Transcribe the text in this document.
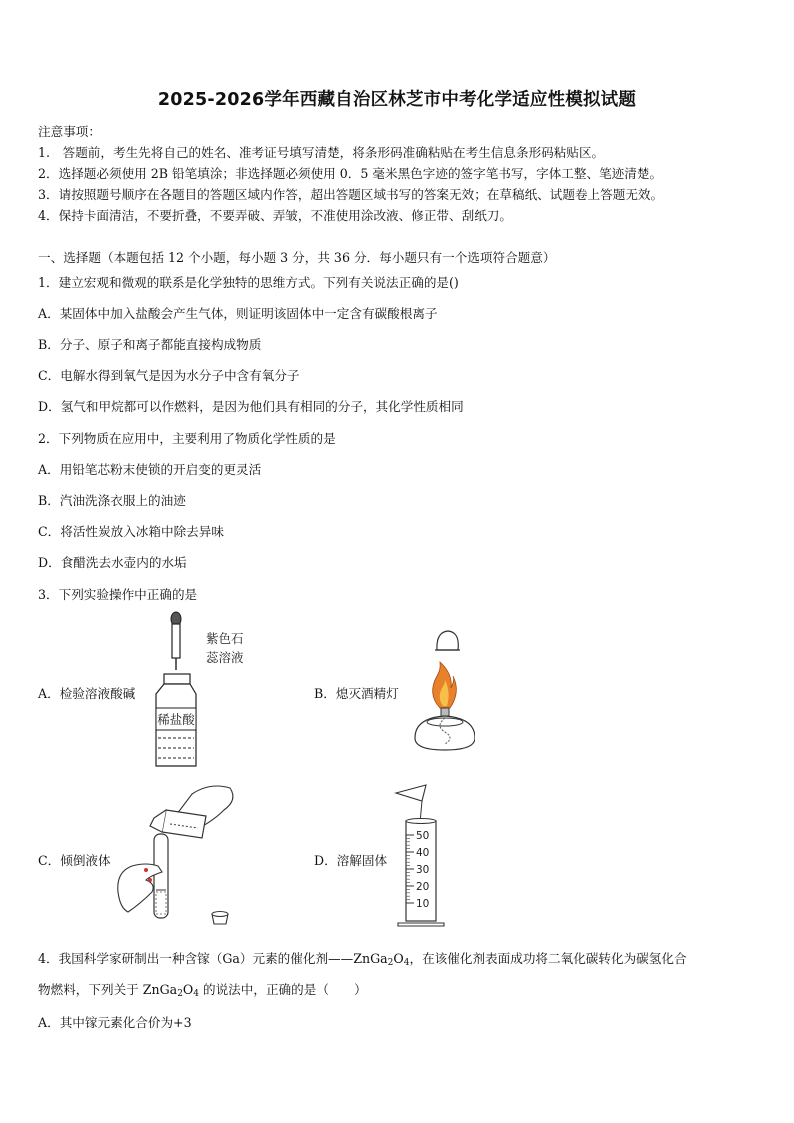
2025-2026学年西藏自治区林芝市中考化学适应性模拟试题
注意事项：
1.　答题前，考生先将自己的姓名、准考证号填写清楚，将条形码准确粘贴在考生信息条形码粘贴区。
2．选择题必须使用 2B 铅笔填涂；非选择题必须使用 0．5 毫米黑色字迹的签字笔书写，字体工整、笔迹清楚。
3．请按照题号顺序在各题目的答题区域内作答，超出答题区域书写的答案无效；在草稿纸、试题卷上答题无效。
4．保持卡面清洁，不要折叠，不要弄破、弄皱，不准使用涂改液、修正带、刮纸刀。
一、选择题（本题包括 12 个小题，每小题 3 分，共 36 分．每小题只有一个选项符合题意）
1．建立宏观和微观的联系是化学独特的思维方式。下列有关说法正确的是()
A．某固体中加入盐酸会产生气体，则证明该固体中一定含有碳酸根离子
B．分子、原子和离子都能直接构成物质
C．电解水得到氧气是因为水分子中含有氧分子
D．氢气和甲烷都可以作燃料，是因为他们具有相同的分子，其化学性质相同
2．下列物质在应用中，主要利用了物质化学性质的是
A．用铅笔芯粉末使锁的开启变的更灵活
B．汽油洗涤衣服上的油迹
C．将活性炭放入冰箱中除去异味
D．食醋洗去水壶内的水垢
3．下列实验操作中正确的是
A．检验溶液酸碱
紫色石
蕊溶液
稀盐酸
B．熄灭酒精灯
C．倾倒液体	D．溶解固体
50
40
30
20
10
4．我国科学家研制出一种含镓（Ga）元素的催化剂$——ZnGa_2O_4$，在该催化剂表面成功将二氧化碳转化为碳氢化合
物燃料，下列关于 $ZnGa_2O_4$ 的说法中，正确的是（　　）
A．其中镓元素化合价为+3
